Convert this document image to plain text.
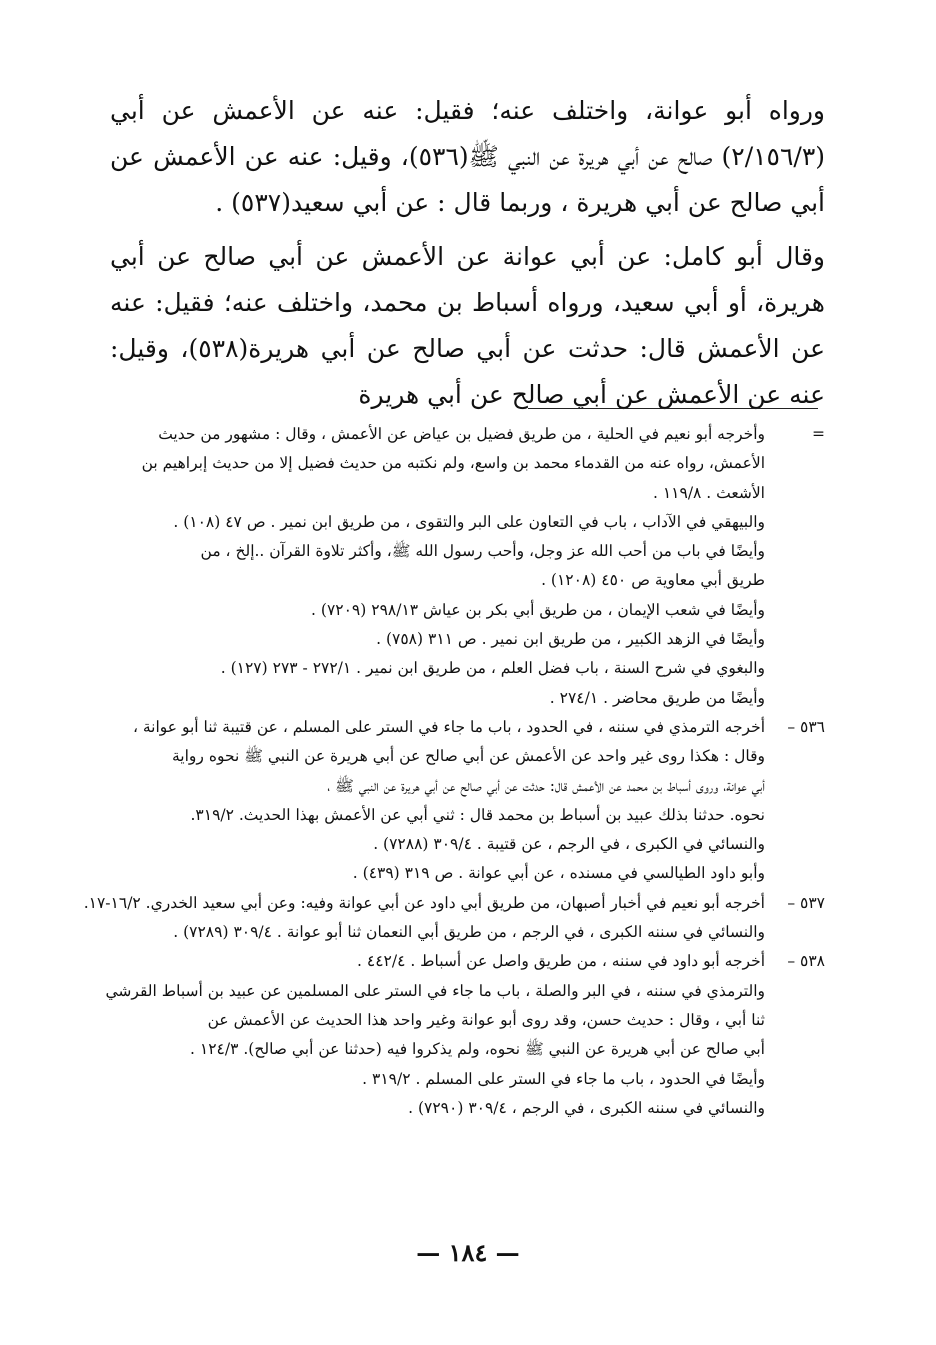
ورواه أبو عوانة، واختلف عنه؛ فقيل: عنه عن الأعمش عن أبي (٢/١٥٦/٣) صالح عن أبي هريرة عن النبي ﷺ(٥٣٦)، وقيل: عنه عن الأعمش عن أبي صالح عن أبي هريرة ، وربما قال : عن أبي سعيد(٥٣٧) .

وقال أبو كامل: عن أبي عوانة عن الأعمش عن أبي صالح عن أبي هريرة، أو أبي سعيد، ورواه أسباط بن محمد، واختلف عنه؛ فقيل: عنه عن الأعمش قال: حدثت عن أبي صالح عن أبي هريرة(٥٣٨)، وقيل: عنه عن الأعمش عن أبي صالح عن أبي هريرة

=
وأخرجه أبو نعيم في الحلية ، من طريق فضيل بن عياض عن الأعمش ، وقال : مشهور من حديث
الأعمش، رواه عنه من القدماء محمد بن واسع، ولم نكتبه من حديث فضيل إلا من حديث إبراهيم بن
الأشعث . ١١٩/٨ .
والبيهقي في الآداب ، باب في التعاون على البر والتقوى ، من طريق ابن نمير . ص ٤٧ (١٠٨) .
وأيضًا في باب من أحب الله عز وجل، وأحب رسول الله ﷺ، وأكثر تلاوة القرآن ..إلخ ، من
طريق أبي معاوية ص ٤٥٠ (١٢٠٨) .
وأيضًا في شعب الإيمان ، من طريق أبي بكر بن عياش ٢٩٨/١٣ (٧٢٠٩) .
وأيضًا في الزهد الكبير ، من طريق ابن نمير . ص ٣١١ (٧٥٨) .
والبغوي في شرح السنة ، باب فضل العلم ، من طريق ابن نمير . ٢٧٢/١ - ٢٧٣ (١٢٧) .
وأيضًا من طريق محاضر . ٢٧٤/١ .
٥٣٦ –
أخرجه الترمذي في سننه ، في الحدود ، باب ما جاء في الستر على المسلم ، عن قتيبة ثنا أبو عوانة ،
وقال : هكذا روى غير واحد عن الأعمش عن أبي صالح عن أبي هريرة عن النبي ﷺ نحوه رواية
أبي عوانة، وروى أسباط بن محمد عن الأعمش قال: حدثت عن أبي صالح عن أبي هريرة عن النبي ﷺ ،
نحوه. حدثنا بذلك عبيد بن أسباط بن محمد قال : ثني أبي عن الأعمش بهذا الحديث. ٣١٩/٢.
والنسائي في الكبرى ، في الرجم ، عن قتيبة . ٣٠٩/٤ (٧٢٨٨) .
وأبو داود الطيالسي في مسنده ، عن أبي عوانة . ص ٣١٩ (٤٣٩) .
٥٣٧ –
أخرجه أبو نعيم في أخبار أصبهان، من طريق أبي داود عن أبي عوانة وفيه: وعن أبي سعيد الخدري. ١٦/٢-١٧.
والنسائي في سننه الكبرى ، في الرجم ، من طريق أبي النعمان ثنا أبو عوانة . ٣٠٩/٤ (٧٢٨٩) .
٥٣٨ –
أخرجه أبو داود في سننه ، من طريق واصل عن أسباط . ٤٤٢/٤ .
والترمذي في سننه ، في البر والصلة ، باب ما جاء في الستر على المسلمين عن عبيد بن أسباط القرشي
ثنا أبي ، وقال : حديث حسن، وقد روى أبو عوانة وغير واحد هذا الحديث عن الأعمش عن
أبي صالح عن أبي هريرة عن النبي ﷺ نحوه، ولم يذكروا فيه (حدثنا عن أبي صالح). ١٢٤/٣ .
وأيضًا في الحدود ، باب ما جاء في الستر على المسلم . ٣١٩/٢ .
والنسائي في سننه الكبرى ، في الرجم ، ٣٠٩/٤ (٧٢٩٠) .
— ١٨٤ —
